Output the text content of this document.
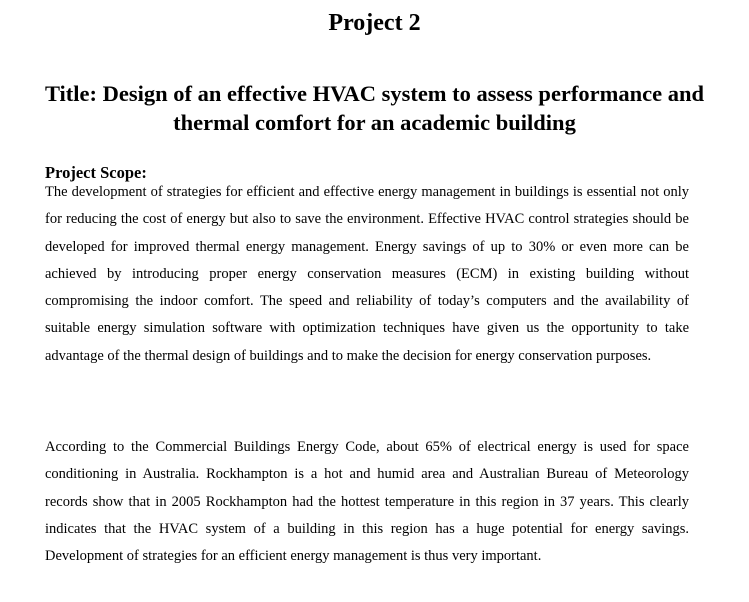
Project 2
Title: Design of an effective HVAC system to assess performance and thermal comfort for an academic building
Project Scope:

The development of strategies for efficient and effective energy management in buildings is essential not only for reducing the cost of energy but also to save the environment. Effective HVAC control strategies should be developed for improved thermal energy management. Energy savings of up to 30% or even more can be achieved by introducing proper energy conservation measures (ECM) in existing building without compromising the indoor comfort. The speed and reliability of today’s computers and the availability of suitable energy simulation software with optimization techniques have given us the opportunity to take advantage of the thermal design of buildings and to make the decision for energy conservation purposes.

According to the Commercial Buildings Energy Code, about 65% of electrical energy is used for space conditioning in Australia. Rockhampton is a hot and humid area and Australian Bureau of Meteorology records show that in 2005 Rockhampton had the hottest temperature in this region in 37 years. This clearly indicates that the HVAC system of a building in this region has a huge potential for energy savings. Development of strategies for an efficient energy management is thus very important.
